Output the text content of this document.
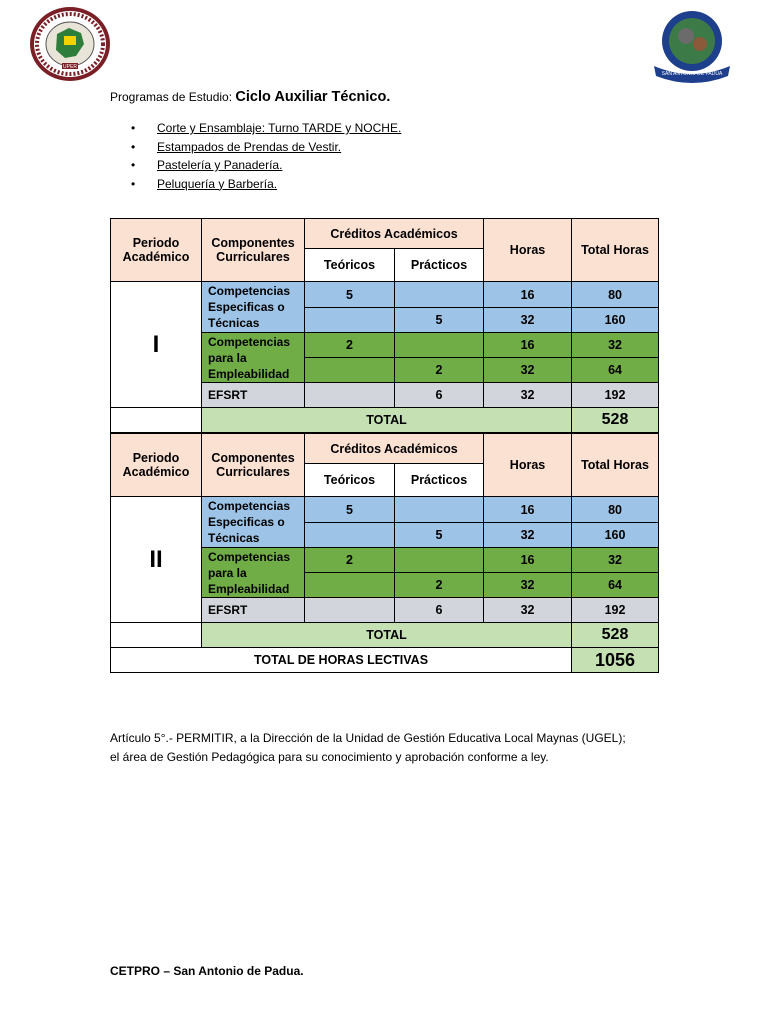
UPER
SAN ANTONIO DE PADUA
Programas de Estudio: Ciclo Auxiliar Técnico.
• Corte y Ensamblaje: Turno TARDE y NOCHE.
• Estampados de Prendas de Vestir.
• Pastelería y Panadería.
• Peluquería y Barbería.
Periodo Académico	Componentes Curriculares	Créditos Académicos		Horas	Total Horas
		Teóricos	Prácticos		
I	Competencias Especificas o Técnicas	5		16	80
			5	32	160
	Competencias para la Empleabilidad	2		16	32
			2	32	64
	EFSRT		6	32	192
	TOTAL				528
Periodo Académico	Componentes Curriculares	Créditos Académicos		Horas	Total Horas
		Teóricos	Prácticos		
II	Competencias Especificas o Técnicas	5		16	80
			5	32	160
	Competencias para la Empleabilidad	2		16	32
			2	32	64
	EFSRT		6	32	192
	TOTAL				528
TOTAL DE HORAS LECTIVAS					1056
Artículo 5°.- PERMITIR, a la Dirección de la Unidad de Gestión Educativa Local Maynas (UGEL);
el área de Gestión Pedagógica para su conocimiento y aprobación conforme a ley.
CETPRO – San Antonio de Padua.
